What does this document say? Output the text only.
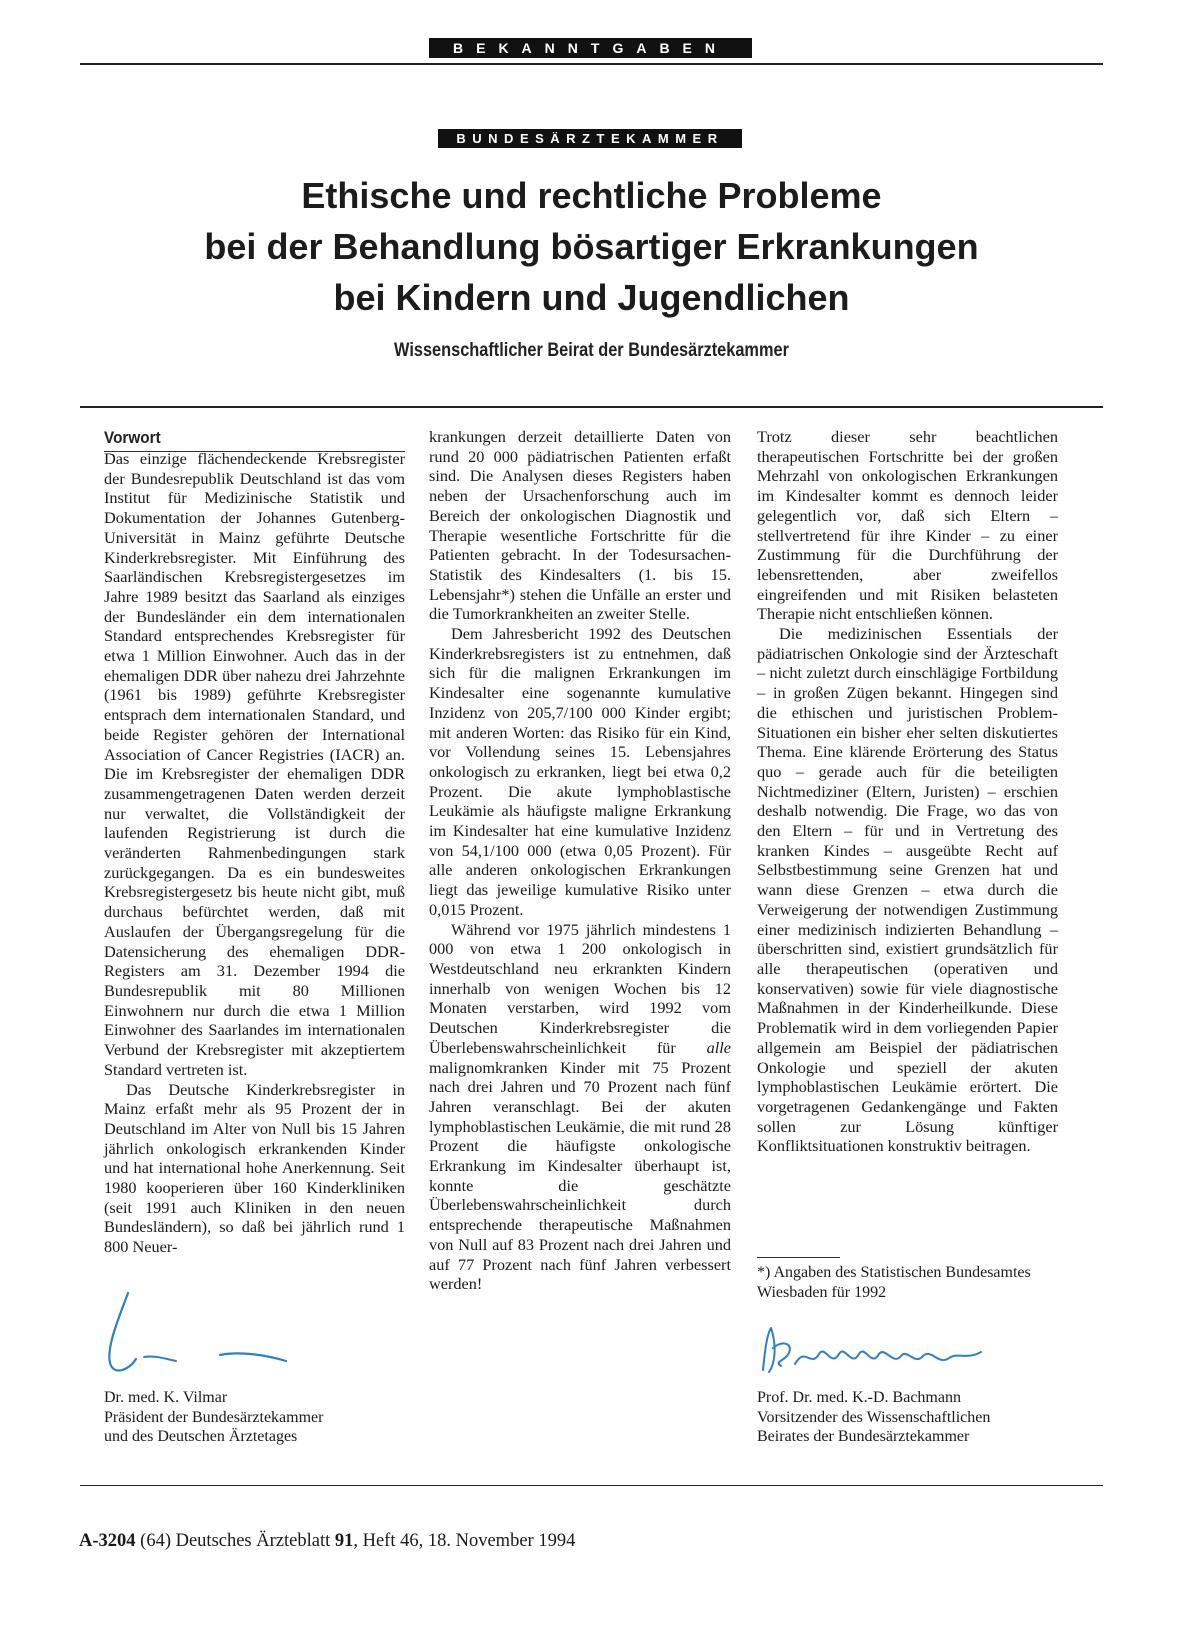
BEKANNTGABEN
BUNDESÄRZTEKAMMER
Ethische und rechtliche Probleme
bei der Behandlung bösartiger Erkrankungen
bei Kindern und Jugendlichen
Wissenschaftlicher Beirat der Bundesärztekammer
Vorwort

Das einzige flächendeckende Krebsregister der Bundesrepublik Deutschland ist das vom Institut für Medizinische Statistik und Dokumentation der Johannes Gutenberg-Universität in Mainz geführte Deutsche Kinderkrebsregister. Mit Einführung des Saarländischen Krebsregistergesetzes im Jahre 1989 besitzt das Saarland als einziges der Bundesländer ein dem internationalen Standard entsprechendes Krebsregister für etwa 1 Million Einwohner. Auch das in der ehemaligen DDR über nahezu drei Jahrzehnte (1961 bis 1989) geführte Krebsregister entsprach dem internationalen Standard, und beide Register gehören der International Association of Cancer Registries (IACR) an. Die im Krebsregister der ehemaligen DDR zusammengetragenen Daten werden derzeit nur verwaltet, die Vollständigkeit der laufenden Registrierung ist durch die veränderten Rahmenbedingungen stark zurückgegangen. Da es ein bundesweites Krebsregistergesetz bis heute nicht gibt, muß durchaus befürchtet werden, daß mit Auslaufen der Übergangsregelung für die Datensicherung des ehemaligen DDR-Registers am 31. Dezember 1994 die Bundesrepublik mit 80 Millionen Einwohnern nur durch die etwa 1 Million Einwohner des Saarlandes im internationalen Verbund der Krebsregister mit akzeptiertem Standard vertreten ist.

Das Deutsche Kinderkrebsregister in Mainz erfaßt mehr als 95 Prozent der in Deutschland im Alter von Null bis 15 Jahren jährlich onkologisch erkrankenden Kinder und hat international hohe Anerkennung. Seit 1980 kooperieren über 160 Kinderkliniken (seit 1991 auch Kliniken in den neuen Bundesländern), so daß bei jährlich rund 1 800 Neuer-

krankungen derzeit detaillierte Daten von rund 20 000 pädiatrischen Patienten erfaßt sind. Die Analysen dieses Registers haben neben der Ursachenforschung auch im Bereich der onkologischen Diagnostik und Therapie wesentliche Fortschritte für die Patienten gebracht. In der Todesursachen-Statistik des Kindesalters (1. bis 15. Lebensjahr*) stehen die Unfälle an erster und die Tumorkrankheiten an zweiter Stelle.

Dem Jahresbericht 1992 des Deutschen Kinderkrebsregisters ist zu entnehmen, daß sich für die malignen Erkrankungen im Kindesalter eine sogenannte kumulative Inzidenz von 205,7/100 000 Kinder ergibt; mit anderen Worten: das Risiko für ein Kind, vor Vollendung seines 15. Lebensjahres onkologisch zu erkranken, liegt bei etwa 0,2 Prozent. Die akute lymphoblastische Leukämie als häufigste maligne Erkrankung im Kindesalter hat eine kumulative Inzidenz von 54,1/100 000 (etwa 0,05 Prozent). Für alle anderen onkologischen Erkrankungen liegt das jeweilige kumulative Risiko unter 0,015 Prozent.

Während vor 1975 jährlich mindestens 1 000 von etwa 1 200 onkologisch in Westdeutschland neu erkrankten Kindern innerhalb von wenigen Wochen bis 12 Monaten verstarben, wird 1992 vom Deutschen Kinderkrebsregister die Überlebenswahrscheinlichkeit für alle malignomkranken Kinder mit 75 Prozent nach drei Jahren und 70 Prozent nach fünf Jahren veranschlagt. Bei der akuten lymphoblastischen Leukämie, die mit rund 28 Prozent die häufigste onkologische Erkrankung im Kindesalter überhaupt ist, konnte die geschätzte Überlebenswahrscheinlichkeit durch entsprechende therapeutische Maßnahmen von Null auf 83 Prozent nach drei Jahren und auf 77 Prozent nach fünf Jahren verbessert werden!

Trotz dieser sehr beachtlichen therapeutischen Fortschritte bei der großen Mehrzahl von onkologischen Erkrankungen im Kindesalter kommt es dennoch leider gelegentlich vor, daß sich Eltern – stellvertretend für ihre Kinder – zu einer Zustimmung für die Durchführung der lebensrettenden, aber zweifellos eingreifenden und mit Risiken belasteten Therapie nicht entschließen können.

Die medizinischen Essentials der pädiatrischen Onkologie sind der Ärzteschaft – nicht zuletzt durch einschlägige Fortbildung – in großen Zügen bekannt. Hingegen sind die ethischen und juristischen Problem-Situationen ein bisher eher selten diskutiertes Thema. Eine klärende Erörterung des Status quo – gerade auch für die beteiligten Nichtmediziner (Eltern, Juristen) – erschien deshalb notwendig. Die Frage, wo das von den Eltern – für und in Vertretung des kranken Kindes – ausgeübte Recht auf Selbstbestimmung seine Grenzen hat und wann diese Grenzen – etwa durch die Verweigerung der notwendigen Zustimmung einer medizinisch indizierten Behandlung – überschritten sind, existiert grundsätzlich für alle therapeutischen (operativen und konservativen) sowie für viele diagnostische Maßnahmen in der Kinderheilkunde. Diese Problematik wird in dem vorliegenden Papier allgemein am Beispiel der pädiatrischen Onkologie und speziell der akuten lymphoblastischen Leukämie erörtert. Die vorgetragenen Gedankengänge und Fakten sollen zur Lösung künftiger Konfliktsituationen konstruktiv beitragen.

*) Angaben des Statistischen Bundesamtes Wiesbaden für 1992
Dr. med. K. Vilmar
Präsident der Bundesärztekammer
und des Deutschen Ärztetages
Prof. Dr. med. K.-D. Bachmann
Vorsitzender des Wissenschaftlichen
Beirates der Bundesärztekammer
A-3204 (64) Deutsches Ärzteblatt 91, Heft 46, 18. November 1994
